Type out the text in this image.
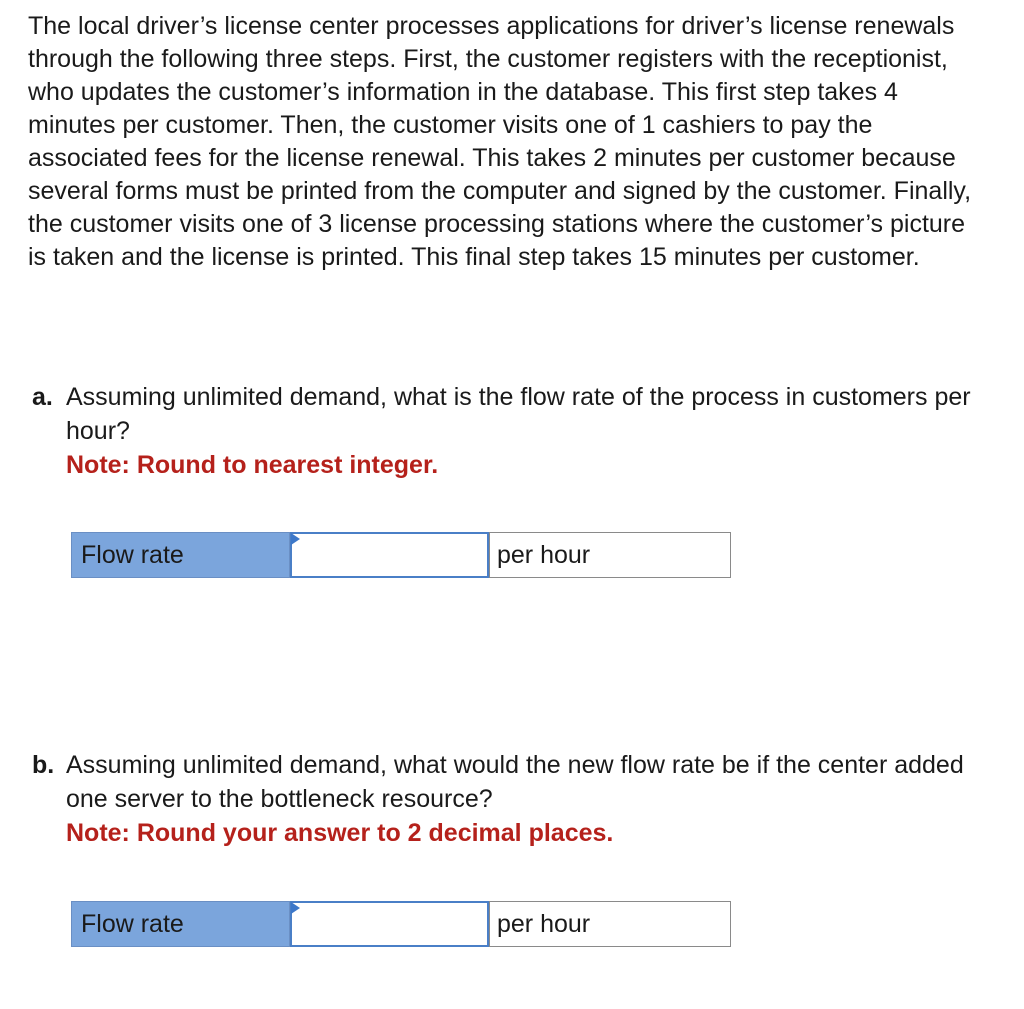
The local driver’s license center processes applications for driver’s license renewals through the following three steps. First, the customer registers with the receptionist, who updates the customer’s information in the database. This first step takes 4 minutes per customer. Then, the customer visits one of 1 cashiers to pay the associated fees for the license renewal. This takes 2 minutes per customer because several forms must be printed from the computer and signed by the customer. Finally, the customer visits one of 3 license processing stations where the customer’s picture is taken and the license is printed. This final step takes 15 minutes per customer.

a. Assuming unlimited demand, what is the flow rate of the process in customers per hour?
Note: Round to nearest integer.
Flow rate	per hour
b. Assuming unlimited demand, what would the new flow rate be if the center added one server to the bottleneck resource?
Note: Round your answer to 2 decimal places.
Flow rate	per hour
